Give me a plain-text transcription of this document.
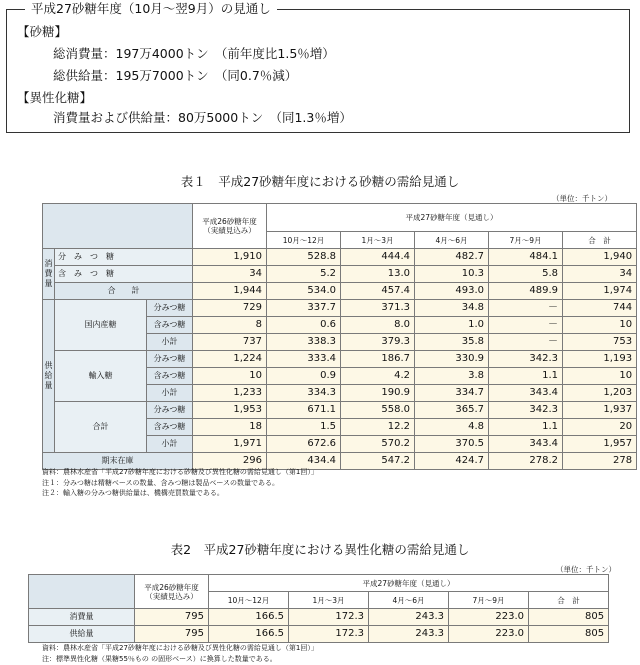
平成27砂糖年度（10月～翌9月）の見通し
【砂糖】
総消費量：197万4000トン　（前年度比1.5％増）
総供給量：195万7000トン　（同0.7％減）
【異性化糖】
消費量および供給量：80万5000トン　（同1.3％増）
表１　平成27砂糖年度における砂糖の需給見通し
（単位：千トン）

			平成26砂糖年度
（実績見込み）	平成27砂糖年度（見通し）				
				10月～12月	1月～3月	4月～6月	7月～9月	合　計
消費量	分　み　つ　糖		1,910	528.8	444.4	482.7	484.1	1,940
	含　み　つ　糖		34	5.2	13.0	10.3	5.8	34
	合　　計		1,944	534.0	457.4	493.0	489.9	1,974
供給量	国内産糖	分みつ糖	729	337.7	371.3	34.8	－	744
		含みつ糖	8	0.6	8.0	1.0	－	10
		小計	737	338.3	379.3	35.8	－	753
	輸入糖	分みつ糖	1,224	333.4	186.7	330.9	342.3	1,193
		含みつ糖	10	0.9	4.2	3.8	1.1	10
		小計	1,233	334.3	190.9	334.7	343.4	1,203
	合計	分みつ糖	1,953	671.1	558.0	365.7	342.3	1,937
		含みつ糖	18	1.5	12.2	4.8	1.1	20
		小計	1,971	672.6	570.2	370.5	343.4	1,957
期末在庫			296	434.4	547.2	424.7	278.2	278
資料：農林水産省「平成27砂糖年度における砂糖及び異性化糖の需給見通し（第1回）」
注１：分みつ糖は精糖ベースの数量、含みつ糖は製品ベースの数量である。
注２：輸入糖の分みつ糖供給量は、機構売買数量である。
表2　平成27砂糖年度における異性化糖の需給見通し
（単位：千トン）

	平成26砂糖年度
（実績見込み）	平成27砂糖年度（見通し）				
		10月～12月	1月～3月	4月～6月	7月～9月	合　計
消費量	795	166.5	172.3	243.3	223.0	805
供給量	795	166.5	172.3	243.3	223.0	805
資料：農林水産省「平成27砂糖年度における砂糖及び異性化糖の需給見通し（第1回）」
注：標準異性化糖（果糖55％もの の固形ベース）に換算した数量である。
